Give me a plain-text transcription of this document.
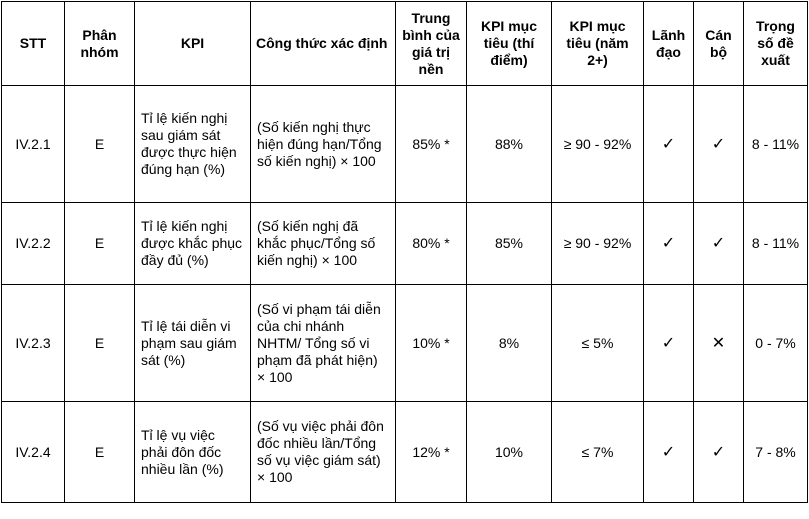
STT	Phân nhóm	KPI	Công thức xác định	Trung bình của giá trị nền	KPI mục tiêu (thí điểm)	KPI mục tiêu (năm 2+)	Lãnh đạo	Cán bộ	Trọng số đề xuất
IV.2.1	E	Tỉ lệ kiến nghị sau giám sát được thực hiện đúng hạn (%)	(Số kiến nghị thực hiện đúng hạn/Tổng số kiến nghị) × 100	85% *	88%	≥ 90 - 92%	✓	✓	8 - 11%
IV.2.2	E	Tỉ lệ kiến nghị được khắc phục đầy đủ (%)	(Số kiến nghị đã khắc phục/Tổng số kiến nghị) × 100	80% *	85%	≥ 90 - 92%	✓	✓	8 - 11%
IV.2.3	E	Tỉ lệ tái diễn vi phạm sau giám sát (%)	(Số vi phạm tái diễn của chi nhánh NHTM/ Tổng số vi phạm đã phát hiện) × 100	10% *	8%	≤ 5%	✓	✕	0 - 7%
IV.2.4	E	Tỉ lệ vụ việc phải đôn đốc nhiều lần (%)	(Số vụ việc phải đôn đốc nhiều lần/Tổng số vụ việc giám sát) × 100	12% *	10%	≤ 7%	✓	✓	7 - 8%
